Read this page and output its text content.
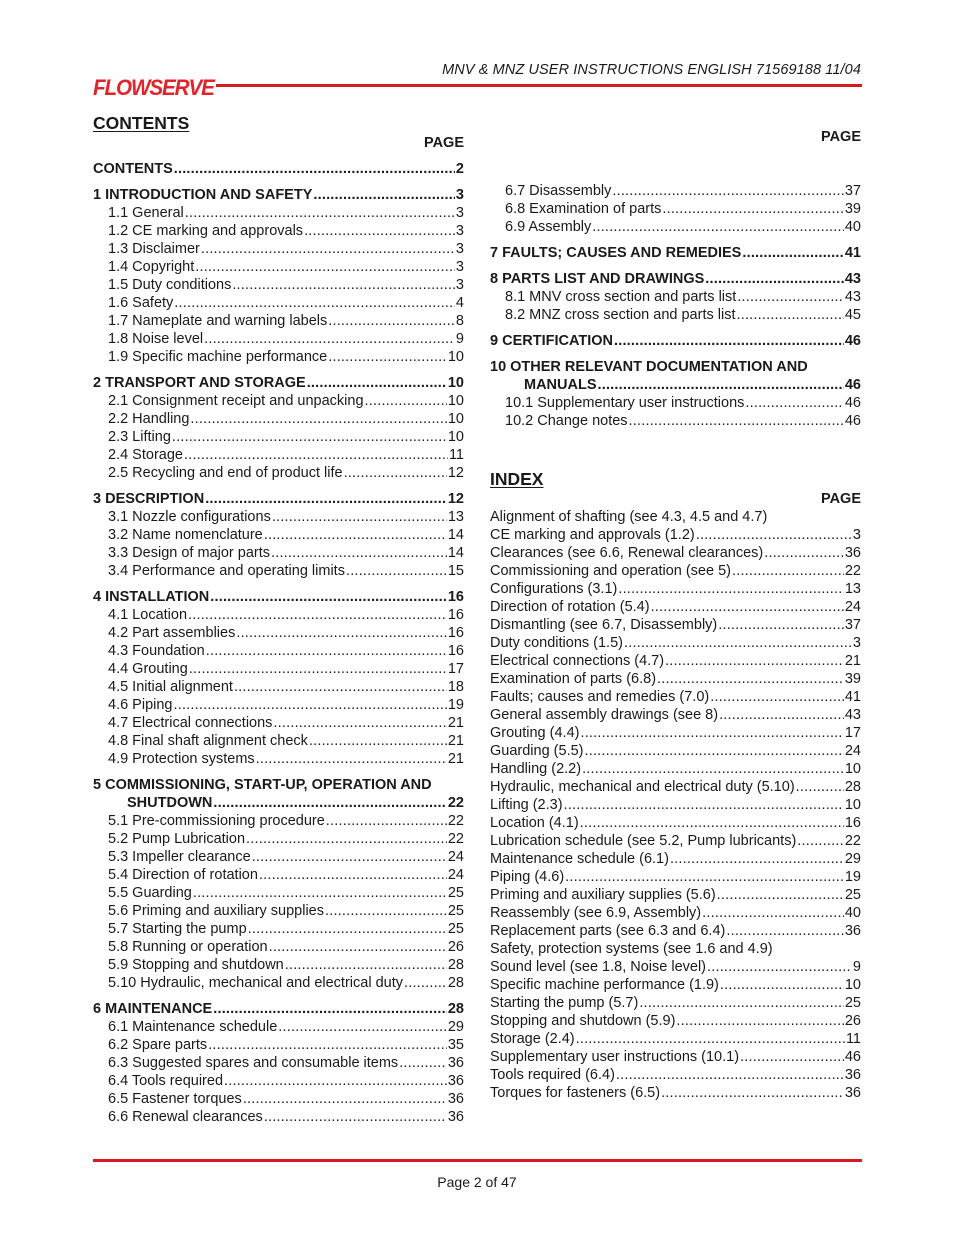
FLOWSERVE
MNV & MNZ USER INSTRUCTIONS ENGLISH 71569188 11/04
CONTENTS
PAGE
CONTENTS .....	2
1 INTRODUCTION AND SAFETY .....	3
1.1 General .....	3
1.2 CE marking and approvals .....	3
1.3 Disclaimer .....	3
1.4 Copyright .....	3
1.5 Duty conditions .....	3
1.6 Safety .....	4
1.7 Nameplate and warning labels .....	8
1.8 Noise level .....	9
1.9 Specific machine performance .....	10
2 TRANSPORT AND STORAGE .....	10
2.1 Consignment receipt and unpacking .....	10
2.2 Handling .....	10
2.3 Lifting .....	10
2.4 Storage .....	11
2.5 Recycling and end of product life .....	12
3 DESCRIPTION .....	12
3.1 Nozzle configurations .....	13
3.2 Name nomenclature .....	14
3.3 Design of major parts .....	14
3.4 Performance and operating limits .....	15
4 INSTALLATION .....	16
4.1 Location .....	16
4.2 Part assemblies .....	16
4.3 Foundation .....	16
4.4 Grouting .....	17
4.5 Initial alignment .....	18
4.6 Piping .....	19
4.7 Electrical connections .....	21
4.8 Final shaft alignment check .....	21
4.9 Protection systems .....	21
5 COMMISSIONING, START-UP, OPERATION AND
SHUTDOWN .....	22
5.1 Pre-commissioning procedure .....	22
5.2 Pump Lubrication .....	22
5.3 Impeller clearance .....	24
5.4 Direction of rotation .....	24
5.5 Guarding .....	25
5.6 Priming and auxiliary supplies .....	25
5.7 Starting the pump .....	25
5.8 Running or operation .....	26
5.9 Stopping and shutdown .....	28
5.10 Hydraulic, mechanical and electrical duty .....	28
6 MAINTENANCE .....	28
6.1 Maintenance schedule .....	29
6.2 Spare parts .....	35
6.3 Suggested spares and consumable items .....	36
6.4 Tools required .....	36
6.5 Fastener torques .....	36
6.6 Renewal clearances .....	36
PAGE
6.7 Disassembly .....	37
6.8 Examination of parts .....	39
6.9 Assembly .....	40
7 FAULTS; CAUSES AND REMEDIES .....	41
8 PARTS LIST AND DRAWINGS .....	43
8.1 MNV cross section and parts list .....	43
8.2 MNZ cross section and parts list .....	45
9 CERTIFICATION .....	46
10 OTHER RELEVANT DOCUMENTATION AND
MANUALS .....	46
10.1 Supplementary user instructions .....	46
10.2 Change notes .....	46
INDEX
PAGE
Alignment of shafting (see 4.3, 4.5 and 4.7)
CE marking and approvals (1.2) .....	3
Clearances (see 6.6, Renewal clearances) .....	36
Commissioning and operation (see 5) .....	22
Configurations (3.1) .....	13
Direction of rotation (5.4) .....	24
Dismantling (see 6.7, Disassembly) .....	37
Duty conditions (1.5) .....	3
Electrical connections (4.7) .....	21
Examination of parts (6.8) .....	39
Faults; causes and remedies (7.0) .....	41
General assembly drawings (see 8) .....	43
Grouting (4.4) .....	17
Guarding (5.5) .....	24
Handling (2.2) .....	10
Hydraulic, mechanical and electrical duty (5.10) .....	28
Lifting (2.3) .....	10
Location (4.1) .....	16
Lubrication schedule (see 5.2, Pump lubricants) .....	22
Maintenance schedule (6.1) .....	29
Piping (4.6) .....	19
Priming and auxiliary supplies (5.6) .....	25
Reassembly (see 6.9, Assembly) .....	40
Replacement parts (see 6.3 and 6.4) .....	36
Safety, protection systems (see 1.6 and 4.9)
Sound level (see 1.8, Noise level) .....	9
Specific machine performance (1.9) .....	10
Starting the pump (5.7) .....	25
Stopping and shutdown (5.9) .....	26
Storage (2.4) .....	11
Supplementary user instructions (10.1) .....	46
Tools required (6.4) .....	36
Torques for fasteners (6.5) .....	36
Page 2 of 47
